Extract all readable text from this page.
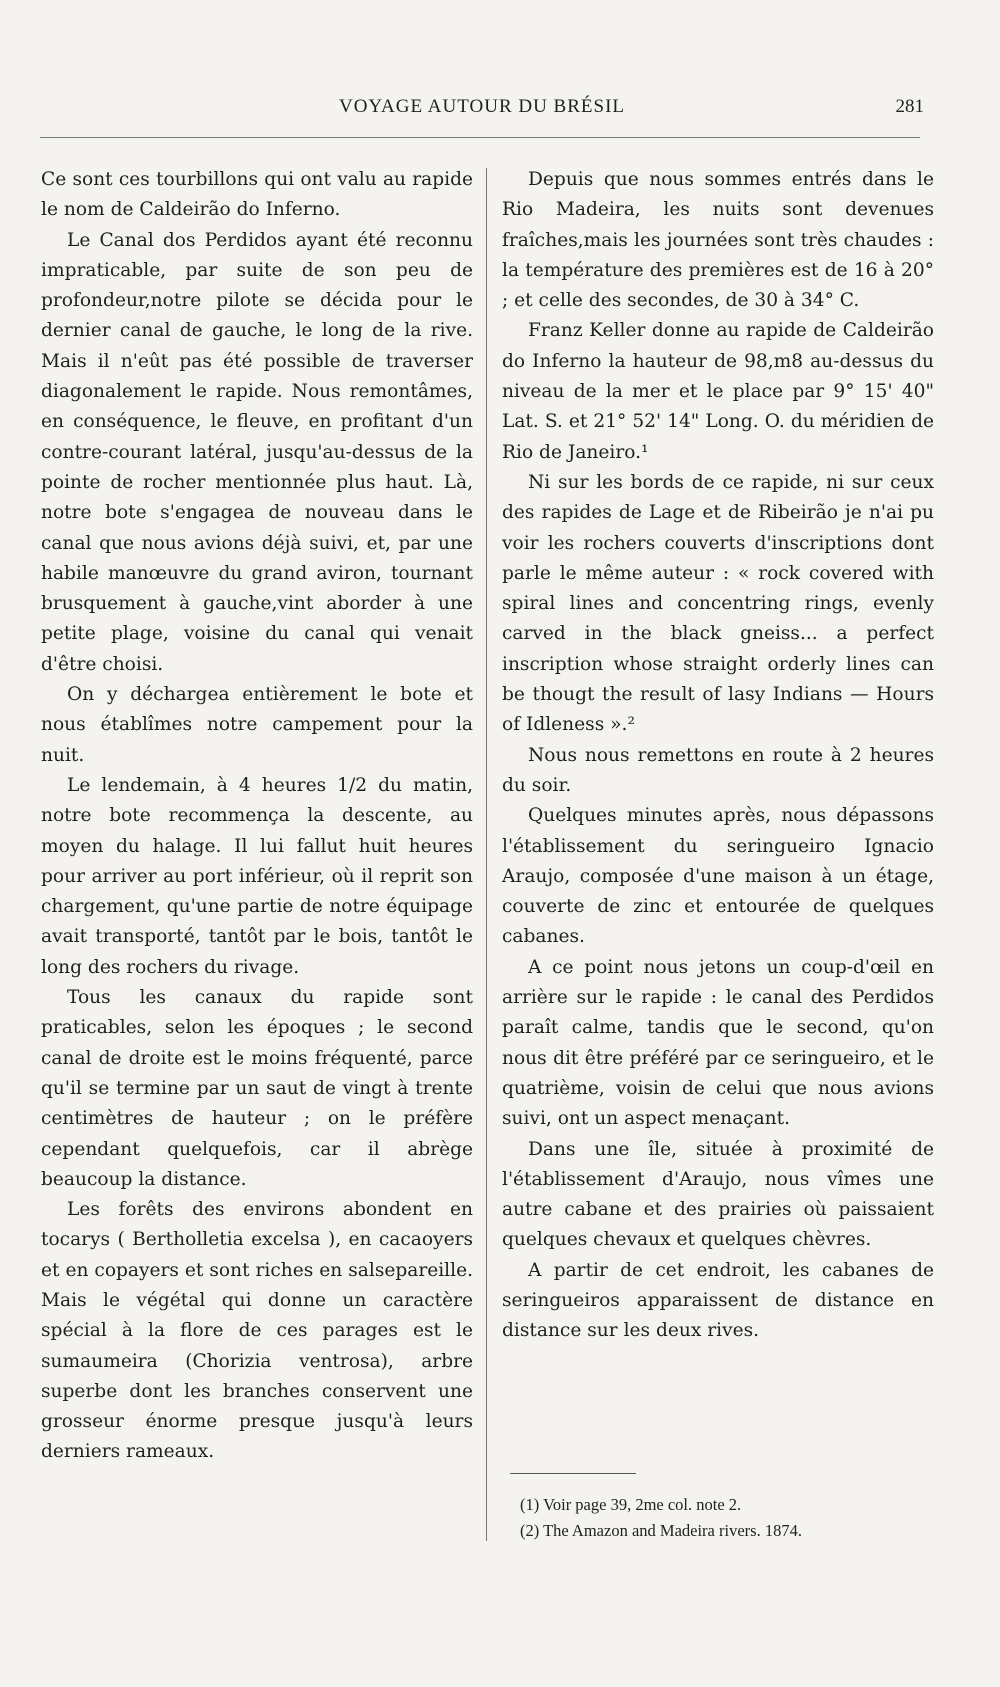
VOYAGE AUTOUR DU BRÉSIL	281

Ce sont ces tourbillons qui ont valu au rapide le nom de Caldeirão do Inferno.

Le Canal dos Perdidos ayant été reconnu impraticable, par suite de son peu de profondeur,notre pilote se décida pour le dernier canal de gauche, le long de la rive. Mais il n'eût pas été possible de traverser diagonalement le rapide. Nous remontâmes, en conséquence, le fleuve, en profitant d'un contre-courant latéral, jusqu'au-dessus de la pointe de rocher mentionnée plus haut. Là, notre bote s'engagea de nouveau dans le canal que nous avions déjà suivi, et, par une habile manœuvre du grand aviron, tournant brusquement à gauche,vint aborder à une petite plage, voisine du canal qui venait d'être choisi.

On y déchargea entièrement le bote et nous établîmes notre campement pour la nuit.

Le lendemain, à 4 heures 1/2 du matin, notre bote recommença la descente, au moyen du halage. Il lui fallut huit heures pour arriver au port inférieur, où il reprit son chargement, qu'une partie de notre équipage avait transporté, tantôt par le bois, tantôt le long des rochers du rivage.

Tous les canaux du rapide sont praticables, selon les époques ; le second canal de droite est le moins fréquenté, parce qu'il se termine par un saut de vingt à trente centimètres de hauteur ; on le préfère cependant quelquefois, car il abrège beaucoup la distance.

Les forêts des environs abondent en tocarys ( Bertholletia excelsa ), en cacaoyers et en copayers et sont riches en salsepareille. Mais le végétal qui donne un caractère spécial à la flore de ces parages est le sumaumeira (Chorizia ventrosa), arbre superbe dont les branches conservent une grosseur énorme presque jusqu'à leurs derniers rameaux.

Depuis que nous sommes entrés dans le Rio Madeira, les nuits sont devenues fraîches,mais les journées sont très chaudes : la température des premières est de 16 à 20° ; et celle des secondes, de 30 à 34° C.

Franz Keller donne au rapide de Caldeirão do Inferno la hauteur de 98,m8 au-dessus du niveau de la mer et le place par 9° 15' 40" Lat. S. et 21° 52' 14" Long. O. du méridien de Rio de Janeiro.¹

Ni sur les bords de ce rapide, ni sur ceux des rapides de Lage et de Ribeirão je n'ai pu voir les rochers couverts d'inscriptions dont parle le même auteur : « rock covered with spiral lines and concentring rings, evenly carved in the black gneiss... a perfect inscription whose straight orderly lines can be thougt the result of lasy Indians — Hours of Idleness ».²

Nous nous remettons en route à 2 heures du soir.

Quelques minutes après, nous dépassons l'établissement du seringueiro Ignacio Araujo, composée d'une maison à un étage, couverte de zinc et entourée de quelques cabanes.

A ce point nous jetons un coup-d'œil en arrière sur le rapide : le canal des Perdidos paraît calme, tandis que le second, qu'on nous dit être préféré par ce seringueiro, et le quatrième, voisin de celui que nous avions suivi, ont un aspect menaçant.

Dans une île, située à proximité de l'établissement d'Araujo, nous vîmes une autre cabane et des prairies où paissaient quelques chevaux et quelques chèvres.

A partir de cet endroit, les cabanes de seringueiros apparaissent de distance en distance sur les deux rives.

(1) Voir page 39, 2me col. note 2.
(2) The Amazon and Madeira rivers. 1874.
